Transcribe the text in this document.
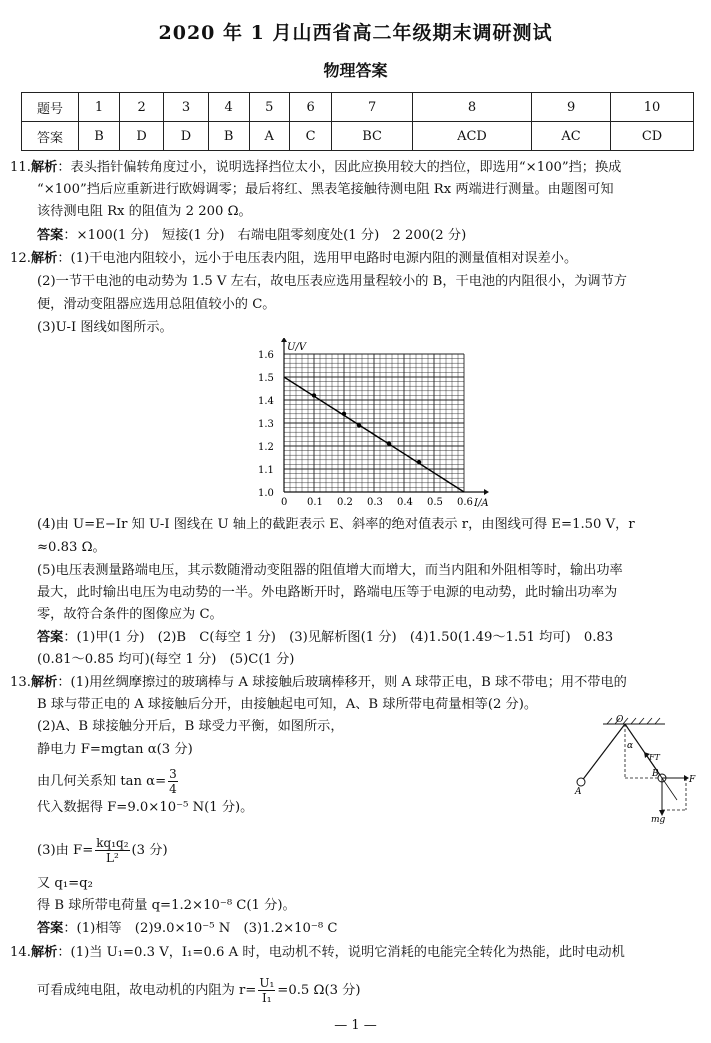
2020 年 1 月山西省高二年级期末调研测试
物理答案
题号	1	2	3	4	5	6	7	8	9	10
答案	B	D	D	B	A	C	BC	ACD	AC	CD
11.解析：表头指针偏转角度过小，说明选择挡位太小，因此应换用较大的挡位，即选用“×100”挡；换成
“×100”挡后应重新进行欧姆调零；最后将红、黑表笔接触待测电阻 Rx 两端进行测量。由题图可知
该待测电阻 Rx 的阻值为 2 200 Ω。
答案：×100(1 分)　短接(1 分)　右端电阻零刻度处(1 分)　2 200(2 分)
12.解析：(1)干电池内阻较小，远小于电压表内阻，选用甲电路时电源内阻的测量值相对误差小。
(2)一节干电池的电动势为 1.5 V 左右，故电压表应选用量程较小的 B，干电池的内阻很小，为调节方
便，滑动变阻器应选用总阻值较小的 C。
(3)U-I 图线如图所示。
0 0.1 0.2 0.3 0.4 0.5 0.6
1.0
1.1
1.2
1.3
1.4
1.5
1.6
U/V
I/A
(4)由 U=E−Ir 知 U-I 图线在 U 轴上的截距表示 E、斜率的绝对值表示 r，由图线可得 E=1.50 V，r
≈0.83 Ω。
(5)电压表测量路端电压，其示数随滑动变阻器的阻值增大而增大，而当内阻和外阻相等时，输出功率
最大，此时输出电压为电动势的一半。外电路断开时，路端电压等于电源的电动势，此时输出功率为
零，故符合条件的图像应为 C。
答案：(1)甲(1 分)　(2)B　C(每空 1 分)　(3)见解析图(1 分)　(4)1.50(1.49～1.51 均可)　0.83
(0.81～0.85 均可)(每空 1 分)　(5)C(1 分)
13.解析：(1)用丝绸摩擦过的玻璃棒与 A 球接触后玻璃棒移开，则 A 球带正电，B 球不带电；用不带电的
B 球与带正电的 A 球接触后分开，由接触起电可知，A、B 球所带电荷量相等(2 分)。
(2)A、B 球接触分开后，B 球受力平衡，如图所示，
静电力 F=mgtan α(3 分)
由几何关系知 $\tan \alpha= \frac{3}{4}$
代入数据得 F=9.0×10⁻⁵ N(1 分)。
(3)由 $F= \frac{\text{kq₁q₂}}{\text{L²}} (3$ 分)
又 q₁=q₂
得 B 球所带电荷量 q=1.2×10⁻⁸ C(1 分)。
答案：(1)相等　(2)9.0×10⁻⁵ N　(3)1.2×10⁻⁸ C
O
α
FT
A
B
F
mg
14.解析：(1)当 U₁=0.3 V，I₁=0.6 A 时，电动机不转，说明它消耗的电能完全转化为热能，此时电动机
可看成纯电阻，故电动机的内阻为 $r= \frac{\text{U₁}}{\text{I₁}} =0.5$ Ω(3 分)
— 1 —
